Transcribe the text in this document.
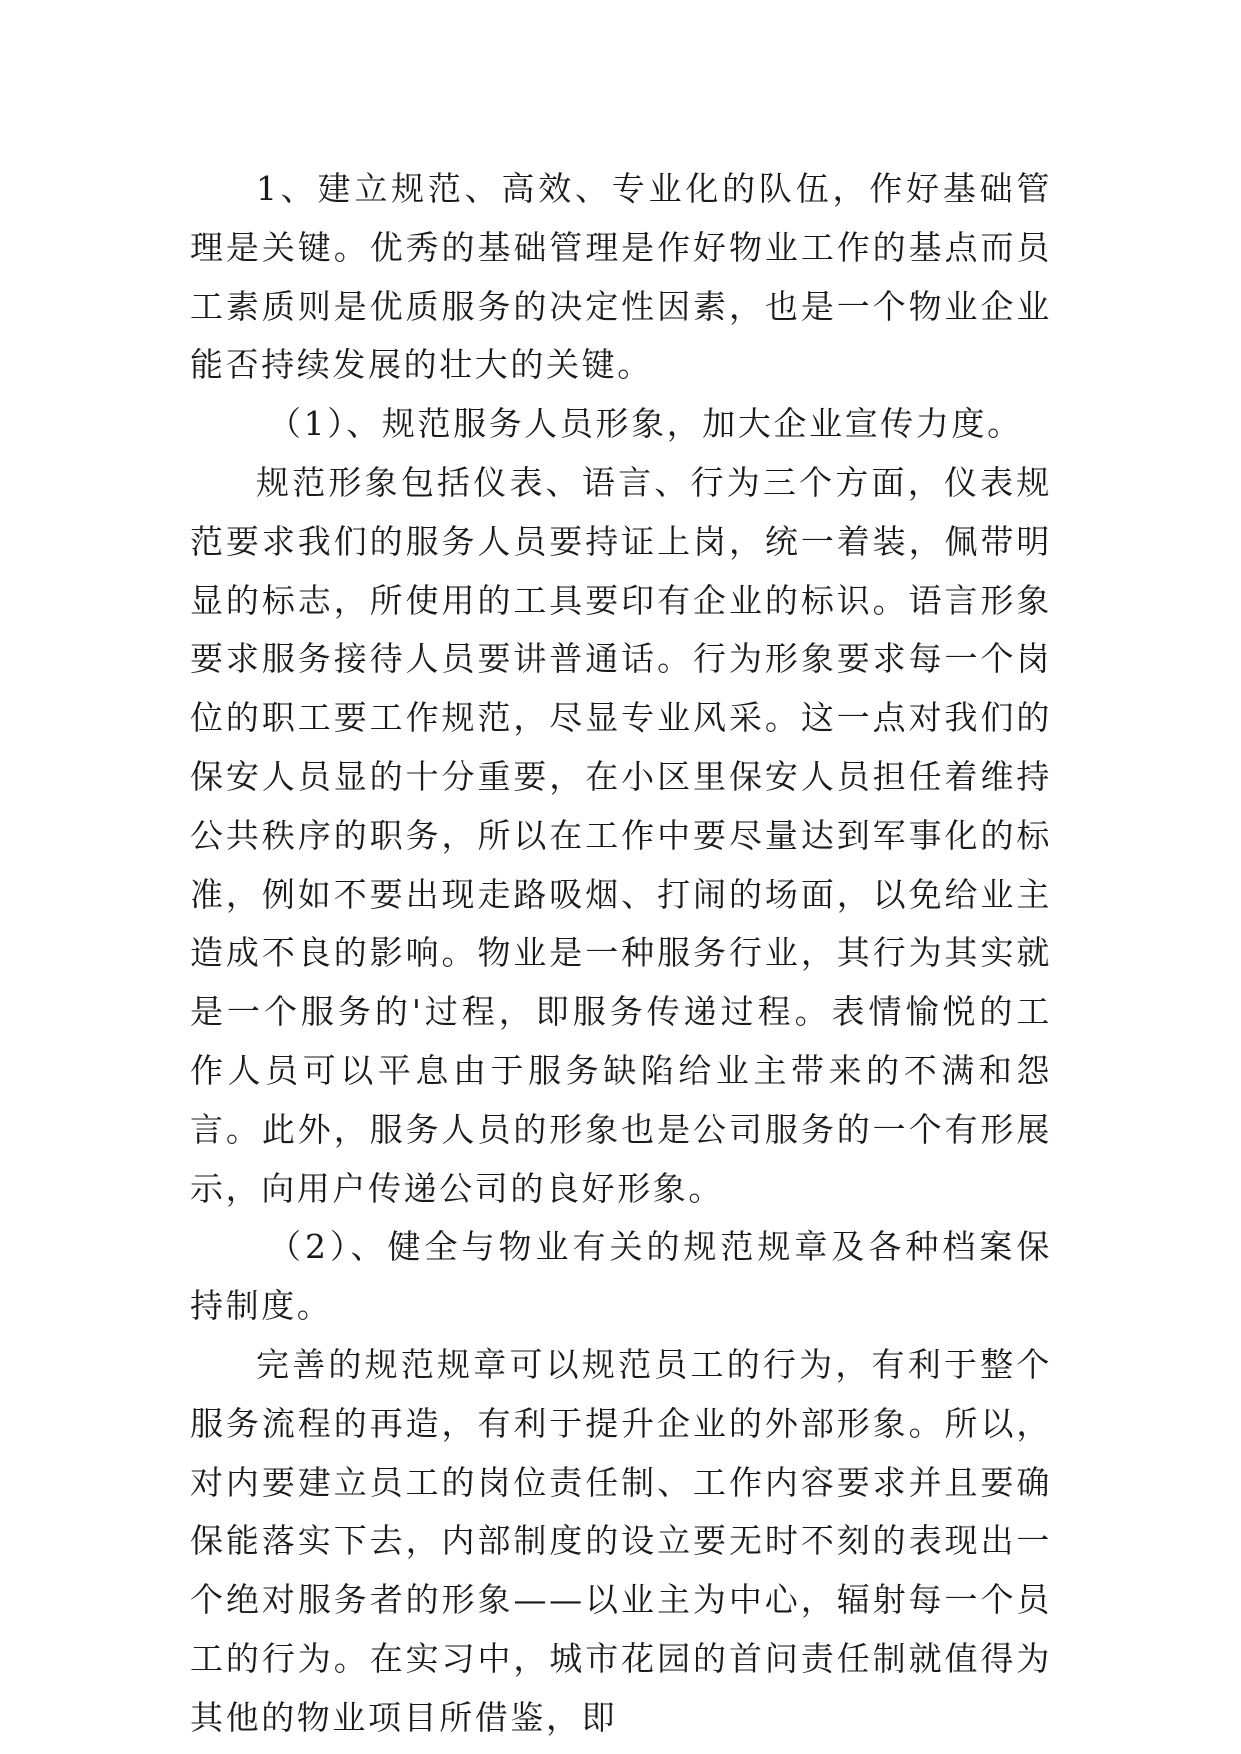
1、建立规范、高效、专业化的队伍，作好基础管理是关键。优秀的基础管理是作好物业工作的基点而员工素质则是优质服务的决定性因素，也是一个物业企业能否持续发展的壮大的关键。

（1）、规范服务人员形象，加大企业宣传力度。

规范形象包括仪表、语言、行为三个方面，仪表规范要求我们的服务人员要持证上岗，统一着装，佩带明显的标志，所使用的工具要印有企业的标识。语言形象要求服务接待人员要讲普通话。行为形象要求每一个岗位的职工要工作规范，尽显专业风采。这一点对我们的保安人员显的十分重要，在小区里保安人员担任着维持公共秩序的职务，所以在工作中要尽量达到军事化的标准，例如不要出现走路吸烟、打闹的场面，以免给业主造成不良的影响。物业是一种服务行业，其行为其实就是一个服务的'过程，即服务传递过程。表情愉悦的工作人员可以平息由于服务缺陷给业主带来的不满和怨言。此外，服务人员的形象也是公司服务的一个有形展示，向用户传递公司的良好形象。

（2）、健全与物业有关的规范规章及各种档案保持制度。

完善的规范规章可以规范员工的行为，有利于整个服务流程的再造，有利于提升企业的外部形象。所以，对内要建立员工的岗位责任制、工作内容要求并且要确保能落实下去，内部制度的设立要无时不刻的表现出一个绝对服务者的形象——以业主为中心，辐射每一个员工的行为。在实习中，城市花园的首问责任制就值得为其他的物业项目所借鉴，即
